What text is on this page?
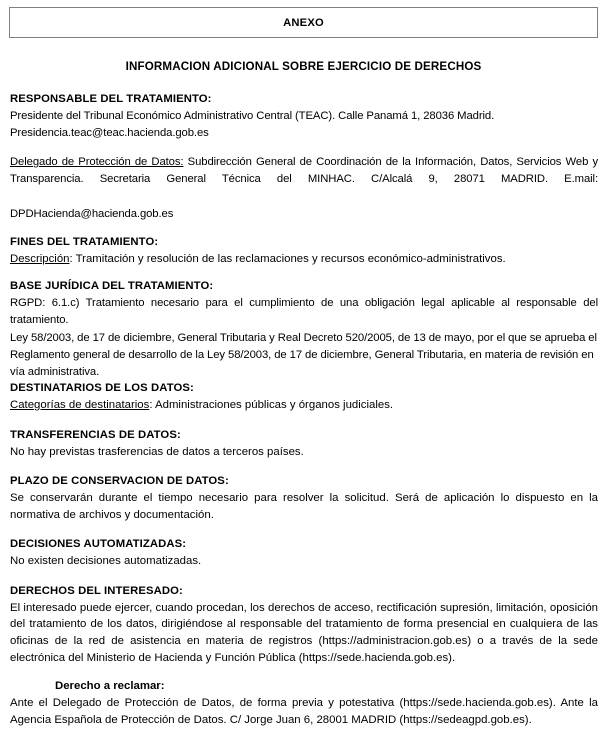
ANEXO
INFORMACION ADICIONAL SOBRE EJERCICIO DE DERECHOS
RESPONSABLE DEL TRATAMIENTO:

Presidente del Tribunal Económico Administrativo Central (TEAC). Calle Panamá 1, 28036 Madrid.

Presidencia.teac@teac.hacienda.gob.es

Delegado de Protección de Datos: Subdirección General de Coordinación de la Información, Datos, Servicios Web y Transparencia. Secretaria General Técnica del MINHAC. C/Alcalá 9, 28071 MADRID. E.mail:

DPDHacienda@hacienda.gob.es

FINES DEL TRATAMIENTO:

Descripción: Tramitación y resolución de las reclamaciones y recursos económico-administrativos.

BASE JURÍDICA DEL TRATAMIENTO:

RGPD: 6.1.c) Tratamiento necesario para el cumplimiento de una obligación legal aplicable al responsable del tratamiento.

Ley 58/2003, de 17 de diciembre, General Tributaria y Real Decreto 520/2005, de 13 de mayo, por el que se aprueba el Reglamento general de desarrollo de la Ley 58/2003, de 17 de diciembre, General Tributaria, en materia de revisión en vía administrativa.

DESTINATARIOS DE LOS DATOS:

Categorías de destinatarios: Administraciones públicas y órganos judiciales.

TRANSFERENCIAS DE DATOS:

No hay previstas trasferencias de datos a terceros países.

PLAZO DE CONSERVACION DE DATOS:

Se conservarán durante el tiempo necesario para resolver la solicitud. Será de aplicación lo dispuesto en la normativa de archivos y documentación.

DECISIONES AUTOMATIZADAS:

No existen decisiones automatizadas.

DERECHOS DEL INTERESADO:

El interesado puede ejercer, cuando procedan, los derechos de acceso, rectificación supresión, limitación, oposición del tratamiento de los datos, dirigiéndose al responsable del tratamiento de forma presencial en cualquiera de las oficinas de la red de asistencia en materia de registros (https://administracion.gob.es) o a través de la sede electrónica del Ministerio de Hacienda y Función Pública (https://sede.hacienda.gob.es).

Derecho a reclamar:

Ante el Delegado de Protección de Datos, de forma previa y potestativa (https://sede.hacienda.gob.es). Ante la Agencia Española de Protección de Datos. C/ Jorge Juan 6, 28001 MADRID (https://sedeagpd.gob.es).
